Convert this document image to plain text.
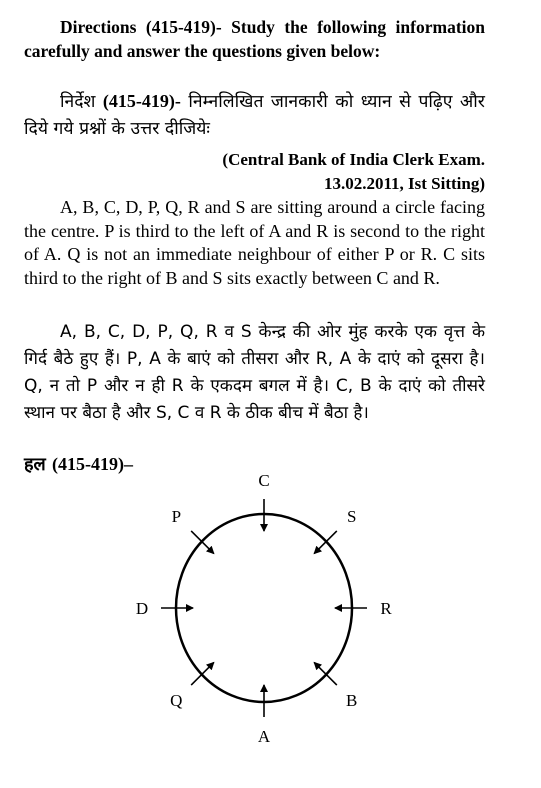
Directions (415-419)- Study the following information carefully and answer the questions given below:
निर्देश (415-419)- निम्नलिखित जानकारी को ध्यान से पढ़िए और दिये गये प्रश्नों के उत्तर दीजियेः
(Central Bank of India Clerk Exam.
13.02.2011, Ist Sitting)
A, B, C, D, P, Q, R and S are sitting around a circle facing the centre. P is third to the left of A and R is second to the right of A. Q is not an immediate neighbour of either P or R. C sits third to the right of B and S sits exactly between C and R.
A, B, C, D, P, Q, R व S केन्द्र की ओर मुंह करके एक वृत्त के गिर्द बैठे हुए हैं। P, A के बाएं को तीसरा और R, A के दाएं को दूसरा है। Q, न तो P और न ही R के एकदम बगल में है। C, B के दाएं को तीसरे स्थान पर बैठा है और S, C व R के ठीक बीच में बैठा है।
हल (415-419)–
C
S
R
B
A
Q
D
P
